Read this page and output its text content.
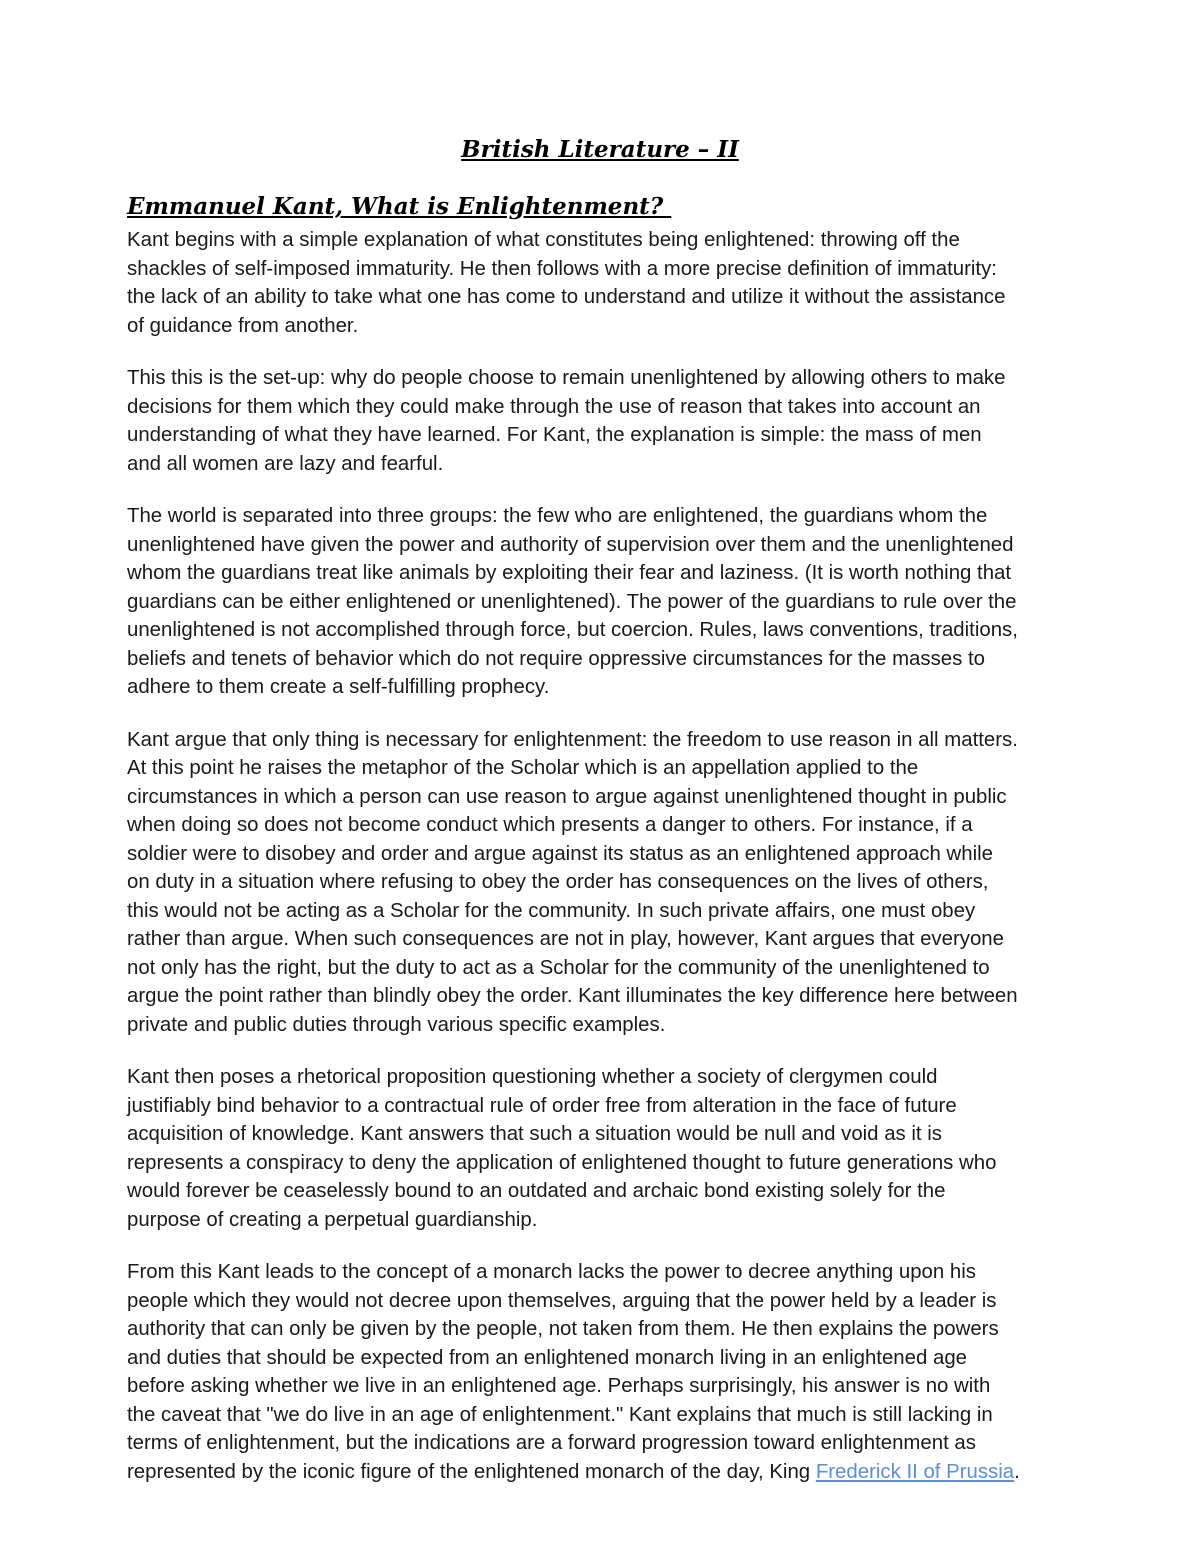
British Literature – II
Emmanuel Kant, What is Enlightenment?

Kant begins with a simple explanation of what constitutes being enlightened: throwing off the
shackles of self-imposed immaturity. He then follows with a more precise definition of immaturity:
the lack of an ability to take what one has come to understand and utilize it without the assistance
of guidance from another.

This this is the set-up: why do people choose to remain unenlightened by allowing others to make
decisions for them which they could make through the use of reason that takes into account an
understanding of what they have learned. For Kant, the explanation is simple: the mass of men
and all women are lazy and fearful.

The world is separated into three groups: the few who are enlightened, the guardians whom the
unenlightened have given the power and authority of supervision over them and the unenlightened
whom the guardians treat like animals by exploiting their fear and laziness. (It is worth nothing that
guardians can be either enlightened or unenlightened). The power of the guardians to rule over the
unenlightened is not accomplished through force, but coercion. Rules, laws conventions, traditions,
beliefs and tenets of behavior which do not require oppressive circumstances for the masses to
adhere to them create a self-fulfilling prophecy.

Kant argue that only thing is necessary for enlightenment: the freedom to use reason in all matters.
At this point he raises the metaphor of the Scholar which is an appellation applied to the
circumstances in which a person can use reason to argue against unenlightened thought in public
when doing so does not become conduct which presents a danger to others. For instance, if a
soldier were to disobey and order and argue against its status as an enlightened approach while
on duty in a situation where refusing to obey the order has consequences on the lives of others,
this would not be acting as a Scholar for the community. In such private affairs, one must obey
rather than argue. When such consequences are not in play, however, Kant argues that everyone
not only has the right, but the duty to act as a Scholar for the community of the unenlightened to
argue the point rather than blindly obey the order. Kant illuminates the key difference here between
private and public duties through various specific examples.

Kant then poses a rhetorical proposition questioning whether a society of clergymen could
justifiably bind behavior to a contractual rule of order free from alteration in the face of future
acquisition of knowledge. Kant answers that such a situation would be null and void as it is
represents a conspiracy to deny the application of enlightened thought to future generations who
would forever be ceaselessly bound to an outdated and archaic bond existing solely for the
purpose of creating a perpetual guardianship.

From this Kant leads to the concept of a monarch lacks the power to decree anything upon his
people which they would not decree upon themselves, arguing that the power held by a leader is
authority that can only be given by the people, not taken from them. He then explains the powers
and duties that should be expected from an enlightened monarch living in an enlightened age
before asking whether we live in an enlightened age. Perhaps surprisingly, his answer is no with
the caveat that "we do live in an age of enlightenment." Kant explains that much is still lacking in
terms of enlightenment, but the indications are a forward progression toward enlightenment as
represented by the iconic figure of the enlightened monarch of the day, King Frederick II of Prussia.
